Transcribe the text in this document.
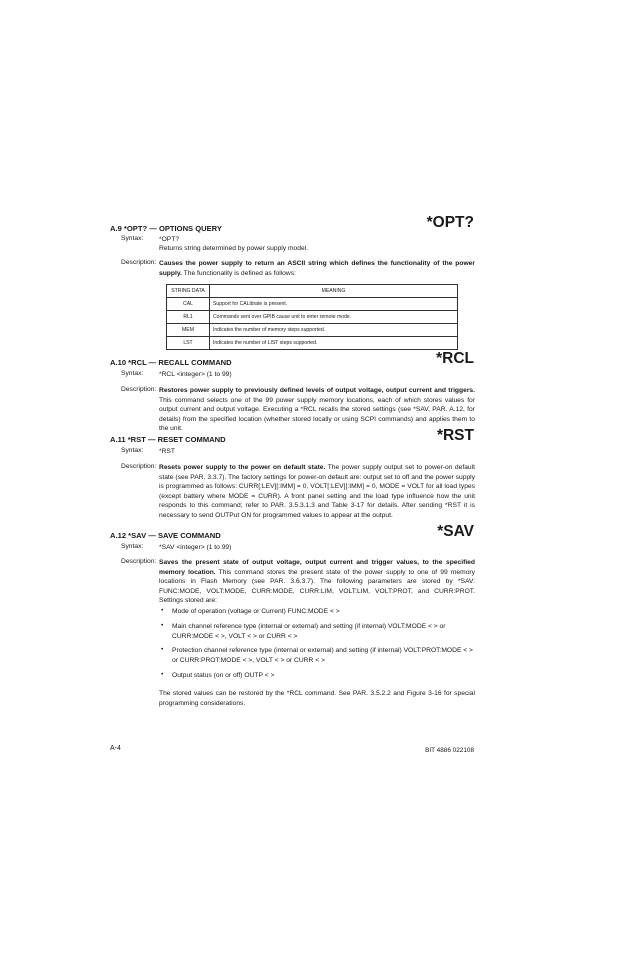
A.9 *OPT? — OPTIONS QUERY	*OPT?
Syntax: *OPT?
Returns string determined by power supply model.
Description: Causes the power supply to return an ASCII string which defines the functionality of the power supply. The functionality is defined as follows:
STRING DATA	MEANING
CAL	Support for CALibrate is present.
RL1	Commands sent over GPIB cause unit to enter remote mode.
MEM	Indicates the number of memory steps supported.
LST	Indicates the number of LIST steps supported.
A.10 *RCL — RECALL COMMAND	*RCL
Syntax: *RCL <integer> (1 to 99)
Description: Restores power supply to previously defined levels of output voltage, output current and triggers. This command selects one of the 99 power supply memory locations, each of which stores values for output current and output voltage. Executing a *RCL recalls the stored settings (see *SAV, PAR. A.12, for details) from the specified location (whether stored locally or using SCPI commands) and applies them to the unit.
A.11 *RST — RESET COMMAND	*RST
Syntax: *RST
Description: Resets power supply to the power on default state. The power supply output set to power-on default state (see PAR. 3.3.7). The factory settings for power-on default are: output set to off and the power supply is programmed as follows: CURR[:LEV][:IMM] = 0, VOLT[:LEV][:IMM] = 0, MODE = VOLT for all load types (except battery where MODE = CURR). A front panel setting and the load type influence how the unit responds to this command; refer to PAR. 3.5.3.1.3 and Table 3-17 for details. After sending *RST it is necessary to send OUTPut ON for programmed values to appear at the output.
A.12 *SAV — SAVE COMMAND	*SAV
Syntax: *SAV <integer> (1 to 99)
Description: Saves the present state of output voltage, output current and trigger values, to the specified memory location. This command stores the present state of the power supply to one of 99 memory locations in Flash Memory (see PAR. 3.6.3.7). The following parameters are stored by *SAV: FUNC:MODE, VOLT:MODE, CURR:MODE, CURR:LIM, VOLT:LIM, VOLT:PROT, and CURR:PROT. Settings stored are:
• Mode of operation (voltage or Current) FUNC:MODE < >
• Main channel reference type (internal or external) and setting (if internal) VOLT:MODE < > or CURR:MODE < >, VOLT < > or CURR < >
• Protection channel reference type (internal or external) and setting (if internal) VOLT:PROT:MODE < > or CURR:PROT:MODE < >, VOLT < > or CURR < >
• Output status (on or off) OUTP < >
The stored values can be restored by the *RCL command. See PAR. 3.5.2.2 and Figure 3-16 for special programming considerations.
A-4	BIT 4886 022108
